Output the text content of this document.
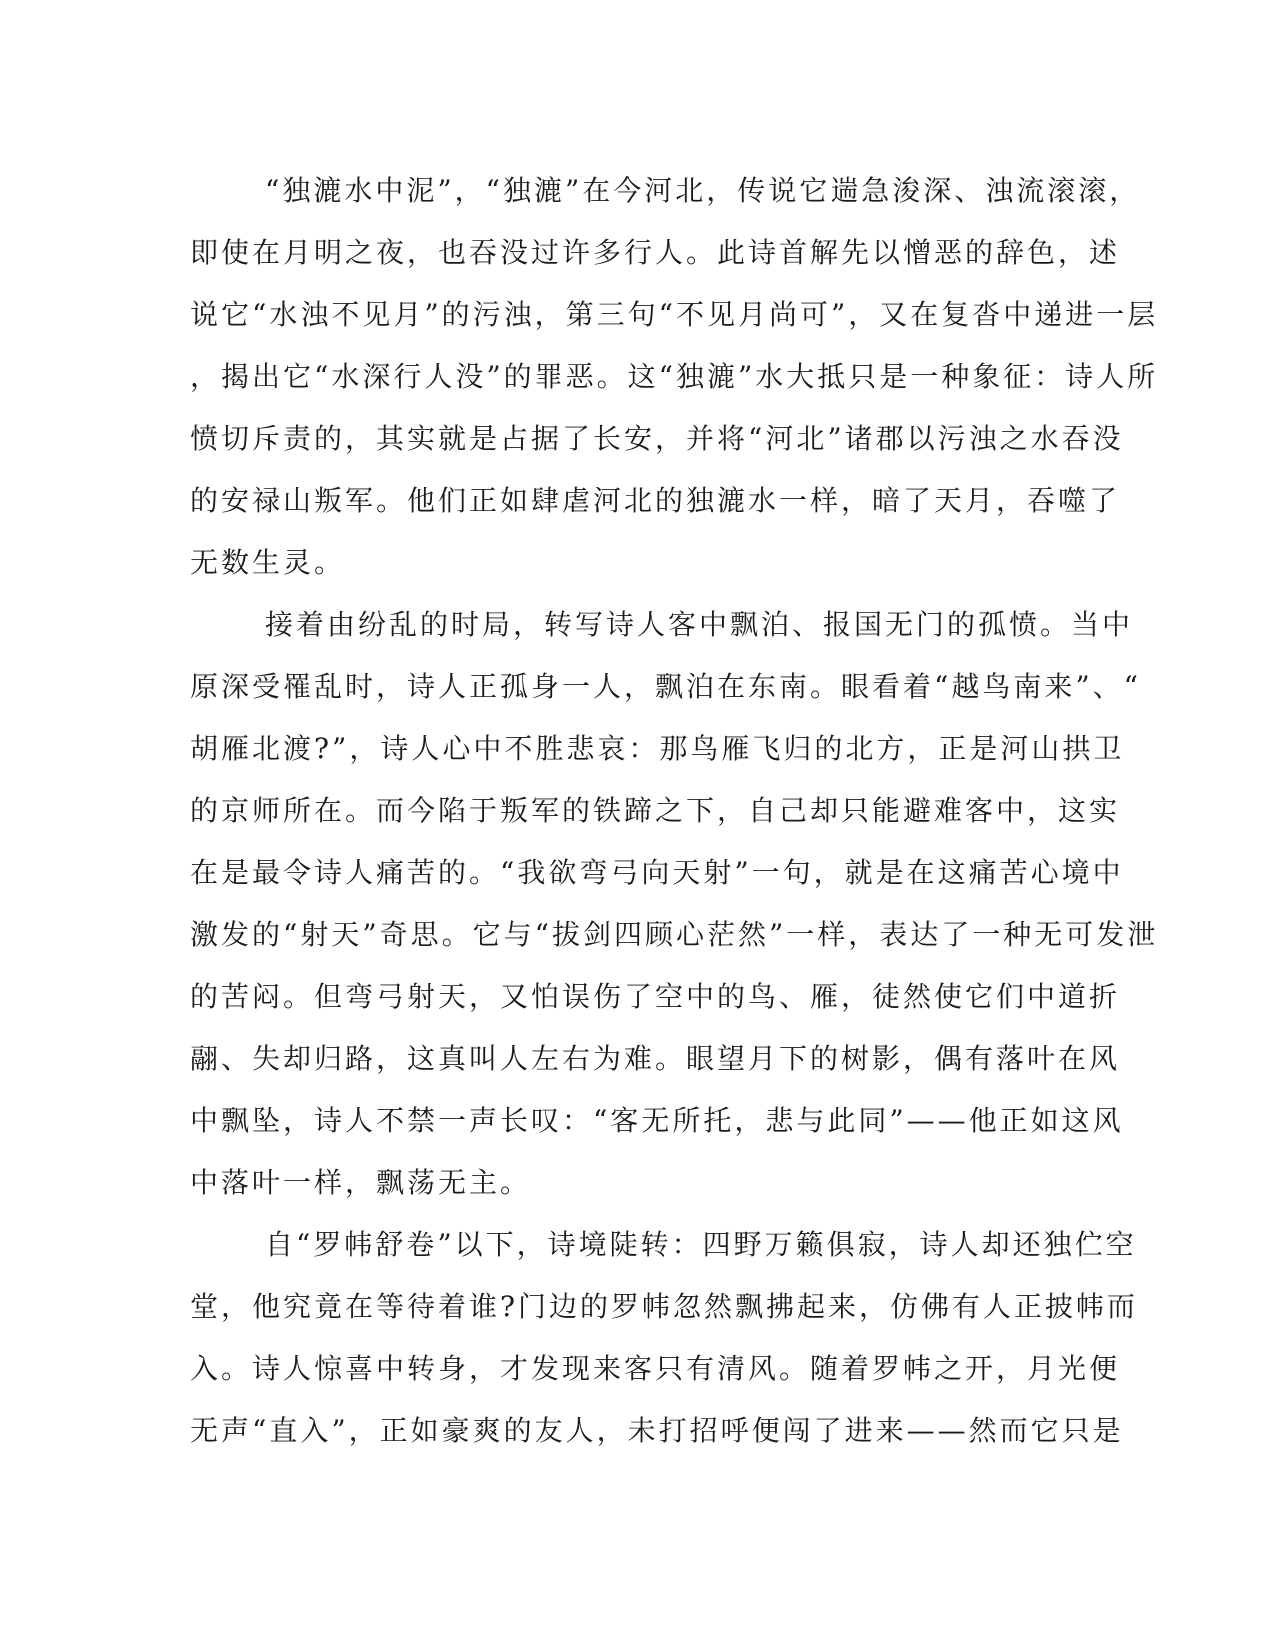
“独漉水中泥”，“独漉”在今河北，传说它遄急浚深、浊流滚滚，
即使在月明之夜，也吞没过许多行人。此诗首解先以憎恶的辞色，述
说它“水浊不见月”的污浊，第三句“不见月尚可”，又在复沓中递进一层
，揭出它“水深行人没”的罪恶。这“独漉”水大抵只是一种象征：诗人所
愤切斥责的，其实就是占据了长安，并将“河北”诸郡以污浊之水吞没
的安禄山叛军。他们正如肆虐河北的独漉水一样，暗了天月，吞噬了
无数生灵。

接着由纷乱的时局，转写诗人客中飘泊、报国无门的孤愤。当中
原深受罹乱时，诗人正孤身一人，飘泊在东南。眼看着“越鸟南来”、“
胡雁北渡?”，诗人心中不胜悲哀：那鸟雁飞归的北方，正是河山拱卫
的京师所在。而今陷于叛军的铁蹄之下，自己却只能避难客中，这实
在是最令诗人痛苦的。“我欲弯弓向天射”一句，就是在这痛苦心境中
激发的“射天”奇思。它与“拔剑四顾心茫然”一样，表达了一种无可发泄
的苦闷。但弯弓射天，又怕误伤了空中的鸟、雁，徒然使它们中道折
翮、失却归路，这真叫人左右为难。眼望月下的树影，偶有落叶在风
中飘坠，诗人不禁一声长叹：“客无所托，悲与此同”——他正如这风
中落叶一样，飘荡无主。

自“罗帏舒卷”以下，诗境陡转：四野万籁俱寂，诗人却还独伫空
堂，他究竟在等待着谁?门边的罗帏忽然飘拂起来，仿佛有人正披帏而
入。诗人惊喜中转身，才发现来客只有清风。随着罗帏之开，月光便
无声“直入”，正如豪爽的友人，未打招呼便闯了进来——然而它只是
